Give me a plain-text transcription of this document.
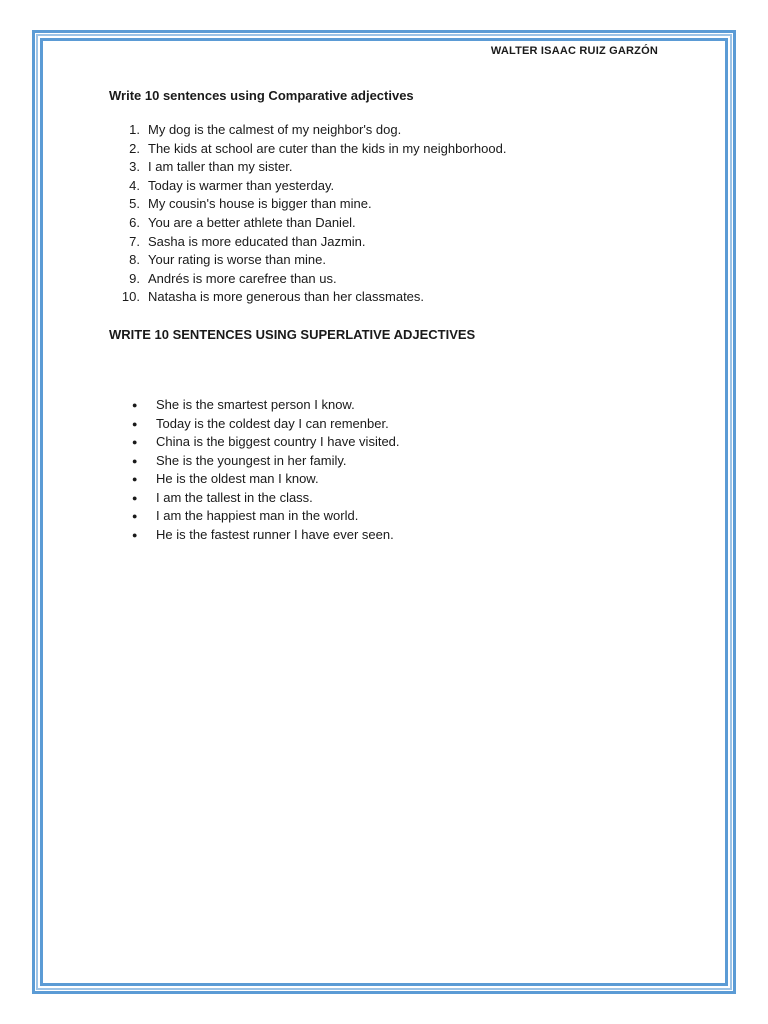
WALTER ISAAC RUIZ GARZÓN
Write 10 sentences using Comparative adjectives
1. My dog is the calmest of my neighbor's dog.
2. The kids at school are cuter than the kids in my neighborhood.
3. I am taller than my sister.
4. Today is warmer than yesterday.
5. My cousin's house is bigger than mine.
6. You are a better athlete than Daniel.
7. Sasha is more educated than Jazmin.
8. Your rating is worse than mine.
9. Andrés is more carefree than us.
10. Natasha is more generous than her classmates.
WRITE 10 SENTENCES USING SUPERLATIVE ADJECTIVES
● She is the smartest person I know.
● Today is the coldest day I can remenber.
● China is the biggest country I have visited.
● She is the youngest in her family.
● He is the oldest man I know.
● I am the tallest in the class.
● I am the happiest man in the world.
● He is the fastest runner I have ever seen.
